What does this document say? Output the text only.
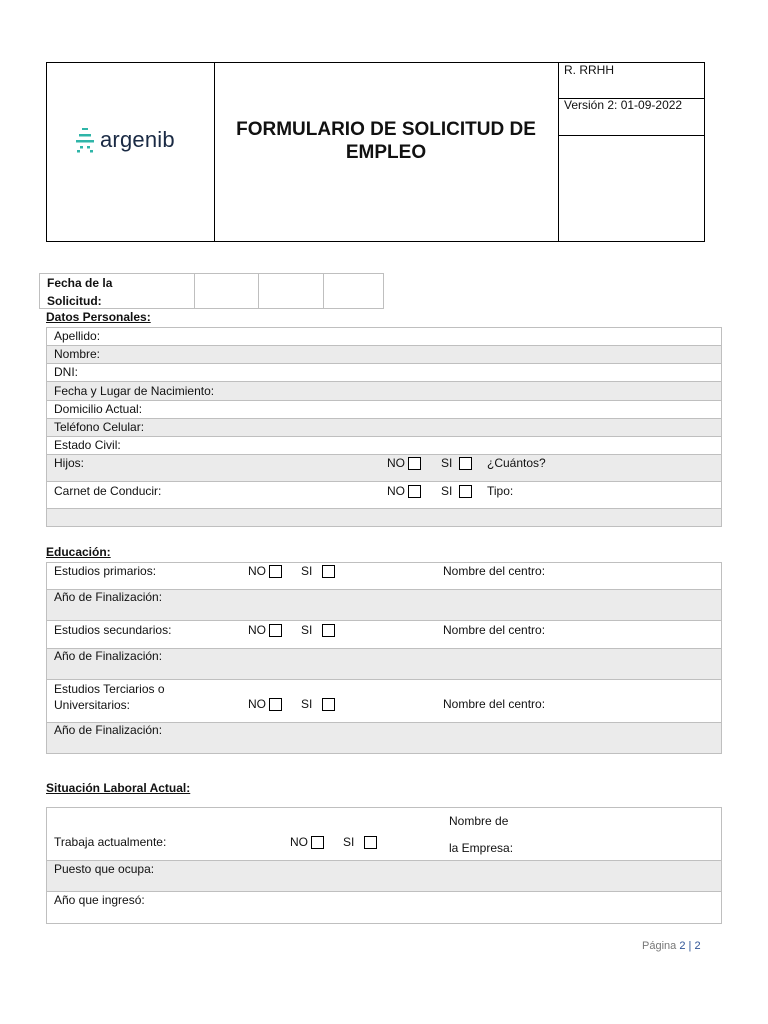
argenib	FORMULARIO DE SOLICITUD DE
EMPLEO
R. RRHH
Versión 2: 01-09-2022
Fecha de la
Solicitud:
Datos Personales:
Apellido:
Nombre:
DNI:
Fecha y Lugar de Nacimiento:
Domicilio Actual:
Teléfono Celular:
Estado Civil:
Hijos:	NO	SI	¿Cuántos?
Carnet de Conducir:	NO	SI	Tipo:
Educación:
Estudios primarios:	NO	SI	Nombre del centro:
Año de Finalización:
Estudios secundarios:	NO	SI	Nombre del centro:
Año de Finalización:
Estudios Terciarios o
Universitarios:	NO	SI	Nombre del centro:
Año de Finalización:
Situación Laboral Actual:
Trabaja actualmente:	NO	SI
Nombre de
la Empresa:
Puesto que ocupa:
Año que ingresó:
Página 2 | 2
